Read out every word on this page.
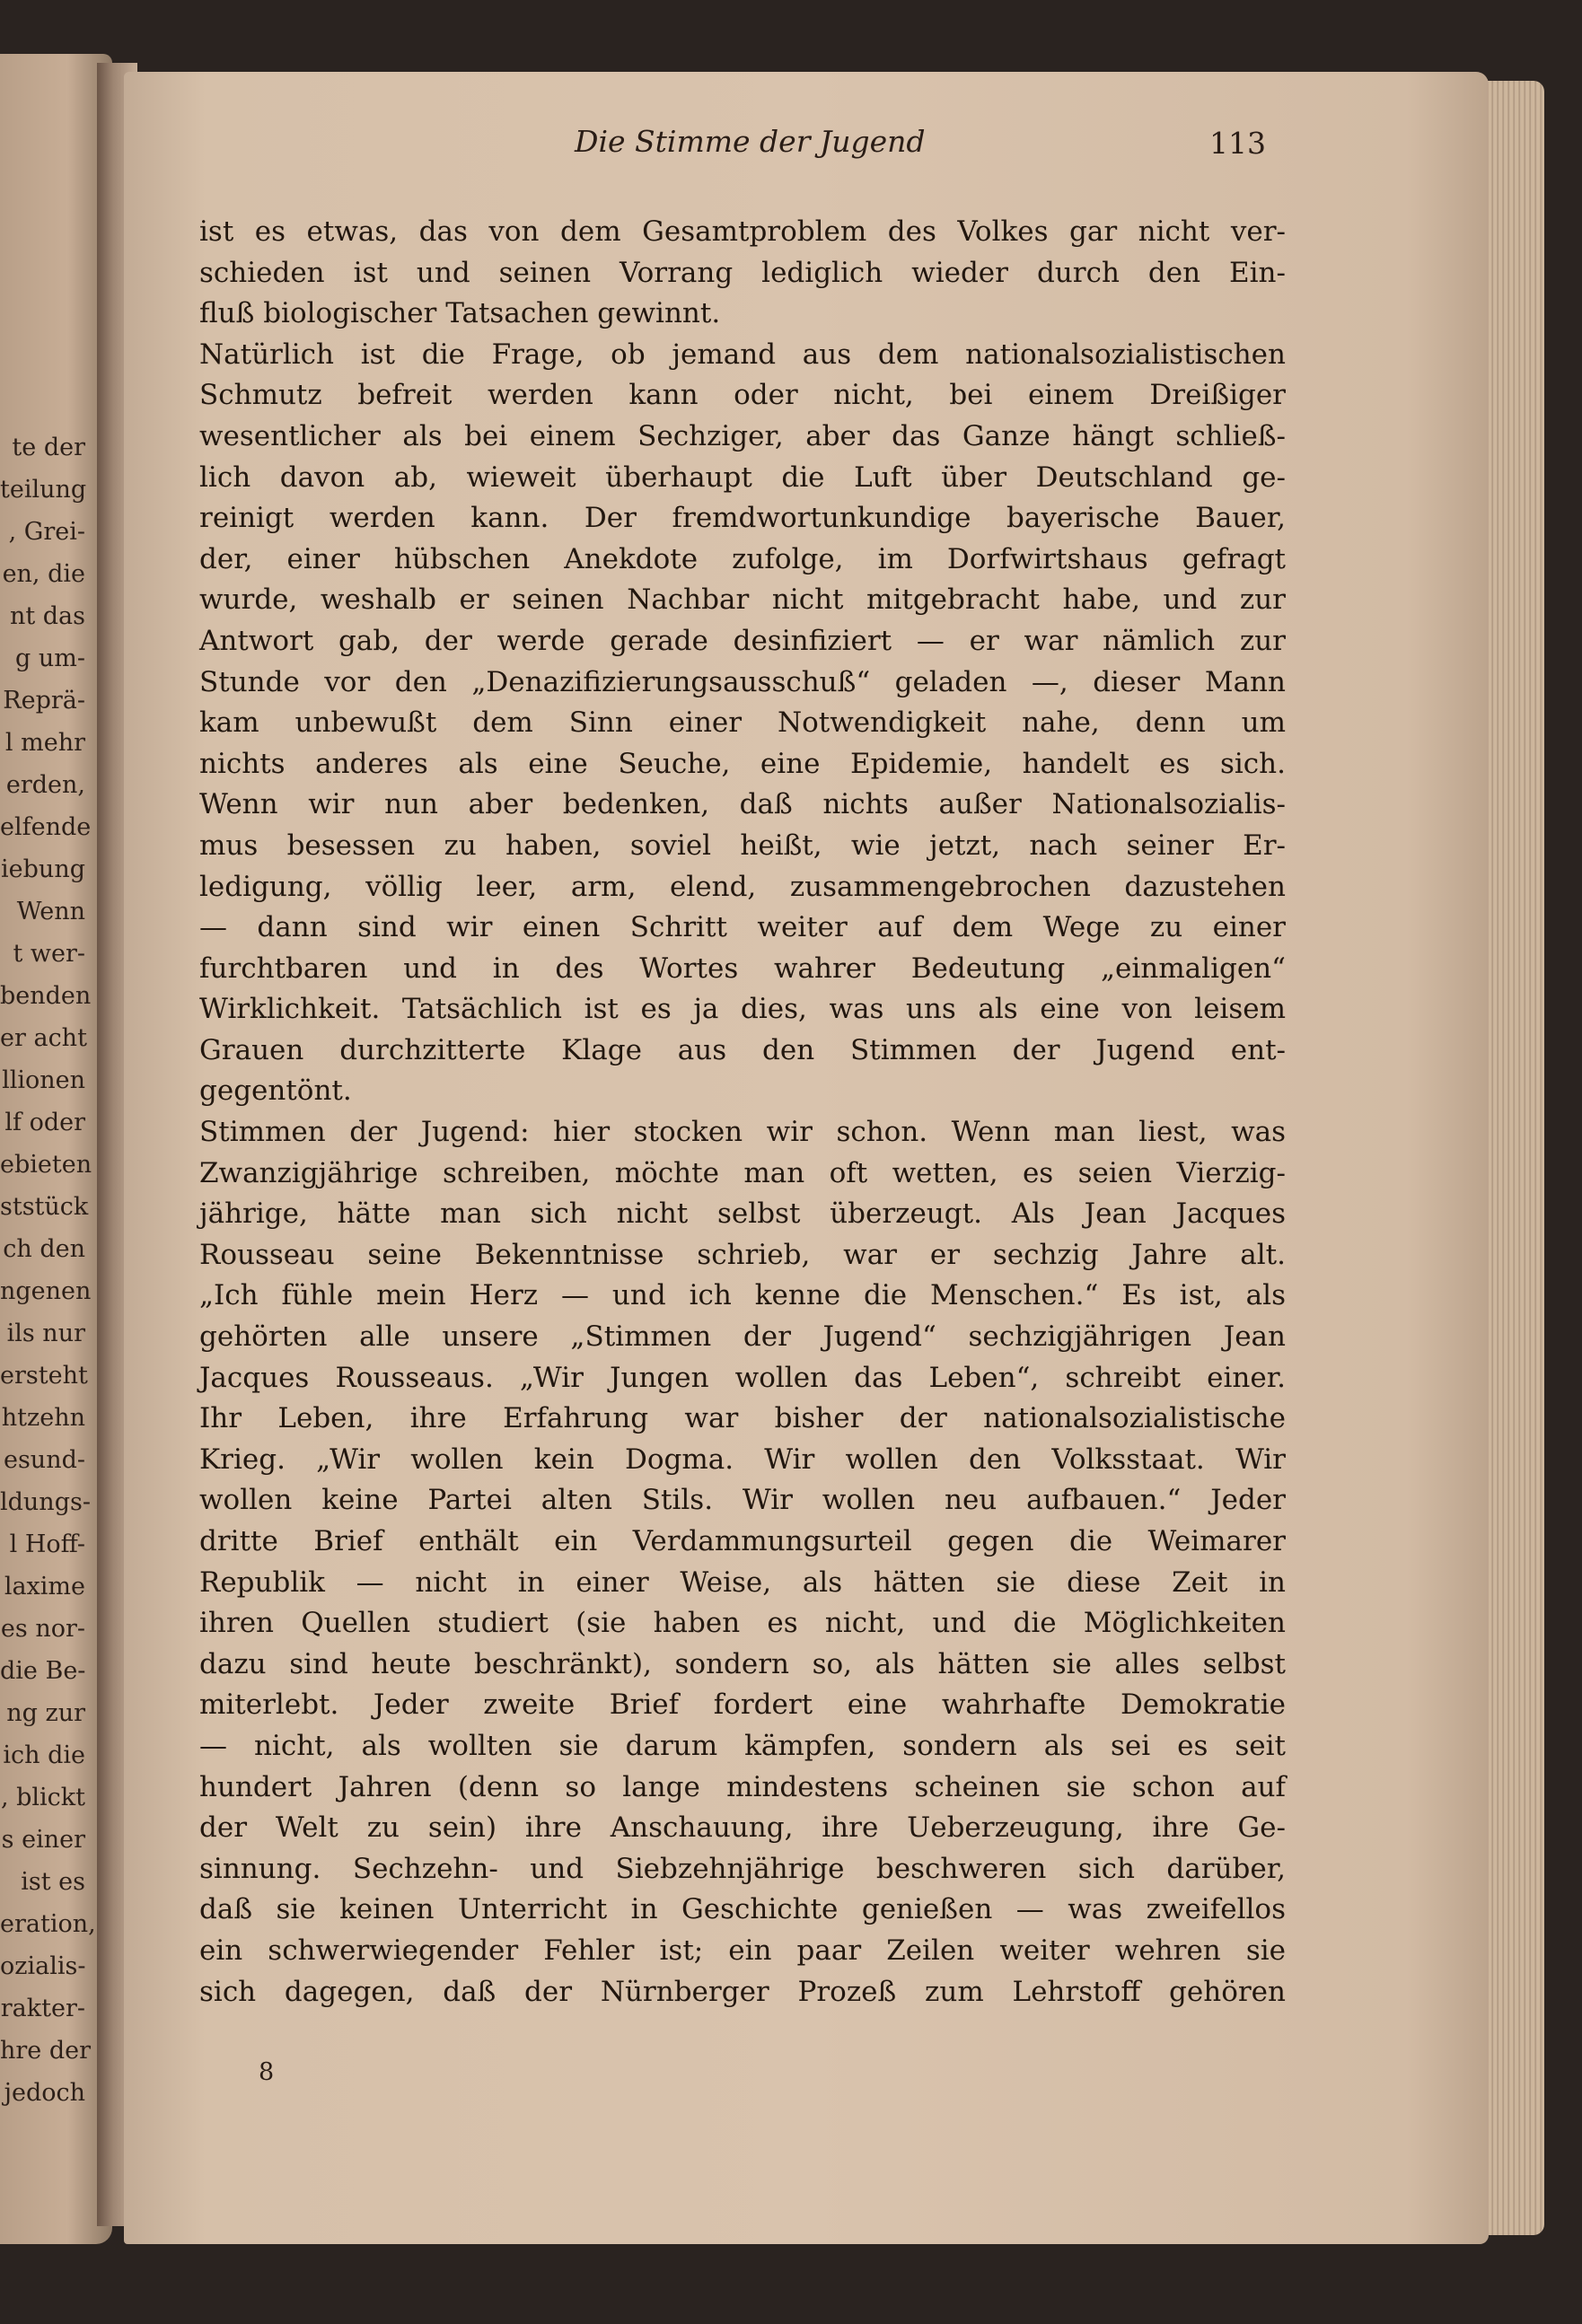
te der
teilung
, Grei-
en, die
nt das
g um-
Reprä-
l mehr
erden,
elfende
iebung
Wenn
t wer-
benden
er acht
llionen
lf oder
ebieten
ststück
ch den
ngenen
ils nur
ersteht
htzehn
esund-
ldungs-
l Hoff-
laxime
es nor-
die Be-
ng zur
ich die
, blickt
s einer
ist es
eration,
ozialis-
rakter-
hre der
jedoch
Die Stimme der Jugend	113
ist es etwas, das von dem Gesamtproblem des Volkes gar nicht ver-
schieden ist und seinen Vorrang lediglich wieder durch den Ein-
fluß biologischer Tatsachen gewinnt.
Natürlich ist die Frage, ob jemand aus dem nationalsozialistischen
Schmutz befreit werden kann oder nicht, bei einem Dreißiger
wesentlicher als bei einem Sechziger, aber das Ganze hängt schließ-
lich davon ab, wieweit überhaupt die Luft über Deutschland ge-
reinigt werden kann. Der fremdwortunkundige bayerische Bauer,
der, einer hübschen Anekdote zufolge, im Dorfwirtshaus gefragt
wurde, weshalb er seinen Nachbar nicht mitgebracht habe, und zur
Antwort gab, der werde gerade desinfiziert — er war nämlich zur
Stunde vor den „Denazifizierungsausschuß“ geladen —, dieser Mann
kam unbewußt dem Sinn einer Notwendigkeit nahe, denn um
nichts anderes als eine Seuche, eine Epidemie, handelt es sich.
Wenn wir nun aber bedenken, daß nichts außer Nationalsozialis-
mus besessen zu haben, soviel heißt, wie jetzt, nach seiner Er-
ledigung, völlig leer, arm, elend, zusammengebrochen dazustehen
— dann sind wir einen Schritt weiter auf dem Wege zu einer
furchtbaren und in des Wortes wahrer Bedeutung „einmaligen“
Wirklichkeit. Tatsächlich ist es ja dies, was uns als eine von leisem
Grauen durchzitterte Klage aus den Stimmen der Jugend ent-
gegentönt.
Stimmen der Jugend: hier stocken wir schon. Wenn man liest, was
Zwanzigjährige schreiben, möchte man oft wetten, es seien Vierzig-
jährige, hätte man sich nicht selbst überzeugt. Als Jean Jacques
Rousseau seine Bekenntnisse schrieb, war er sechzig Jahre alt.
„Ich fühle mein Herz — und ich kenne die Menschen.“ Es ist, als
gehörten alle unsere „Stimmen der Jugend“ sechzigjährigen Jean
Jacques Rousseaus. „Wir Jungen wollen das Leben“, schreibt einer.
Ihr Leben, ihre Erfahrung war bisher der nationalsozialistische
Krieg. „Wir wollen kein Dogma. Wir wollen den Volksstaat. Wir
wollen keine Partei alten Stils. Wir wollen neu aufbauen.“ Jeder
dritte Brief enthält ein Verdammungsurteil gegen die Weimarer
Republik — nicht in einer Weise, als hätten sie diese Zeit in
ihren Quellen studiert (sie haben es nicht, und die Möglichkeiten
dazu sind heute beschränkt), sondern so, als hätten sie alles selbst
miterlebt. Jeder zweite Brief fordert eine wahrhafte Demokratie
— nicht, als wollten sie darum kämpfen, sondern als sei es seit
hundert Jahren (denn so lange mindestens scheinen sie schon auf
der Welt zu sein) ihre Anschauung, ihre Ueberzeugung, ihre Ge-
sinnung. Sechzehn- und Siebzehnjährige beschweren sich darüber,
daß sie keinen Unterricht in Geschichte genießen — was zweifellos
ein schwerwiegender Fehler ist; ein paar Zeilen weiter wehren sie
sich dagegen, daß der Nürnberger Prozeß zum Lehrstoff gehören
8
